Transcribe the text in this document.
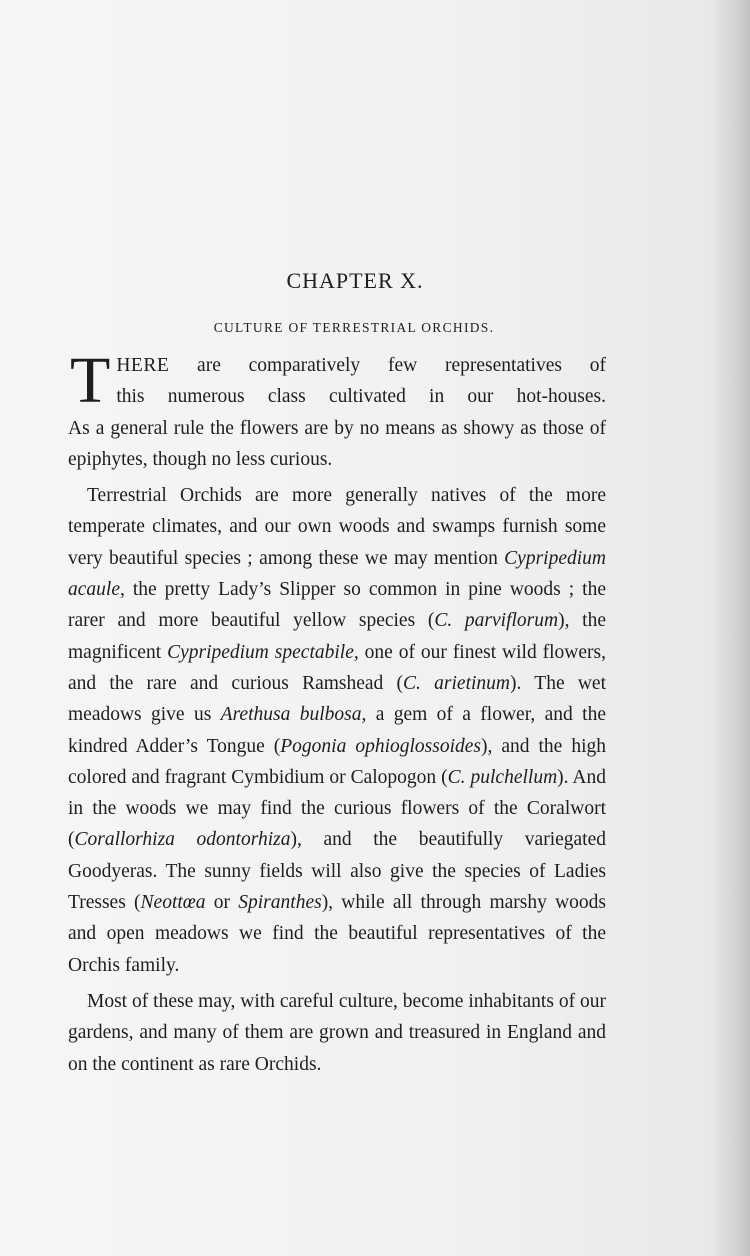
CHAPTER X.
CULTURE OF TERRESTRIAL ORCHIDS.

T HERE are comparatively few representatives of
this numerous class cultivated in our hot-houses.
As a general rule the flowers are by no means as showy as those of epiphytes, though no less curious.

Terrestrial Orchids are more generally natives of the more temperate climates, and our own woods and swamps furnish some very beautiful species ; among these we may mention Cypripedium acaule, the pretty Lady’s Slipper so common in pine woods ; the rarer and more beautiful yellow species (C. parviflorum), the magnificent Cypripedium spectabile, one of our finest wild flowers, and the rare and curious Ramshead (C. arietinum). The wet meadows give us Arethusa bulbosa, a gem of a flower, and the kindred Adder’s Tongue (Pogonia ophioglossoides), and the high colored and fragrant Cymbidium or Calopogon (C. pulchellum). And in the woods we may find the curious flowers of the Coralwort (Corallorhiza odontorhiza), and the beautifully variegated Goodyeras. The sunny fields will also give the species of Ladies Tresses (Neottœa or Spiranthes), while all through marshy woods and open meadows we find the beautiful representatives of the Orchis family.

Most of these may, with careful culture, become inhabitants of our gardens, and many of them are grown and treasured in England and on the continent as rare Orchids.
